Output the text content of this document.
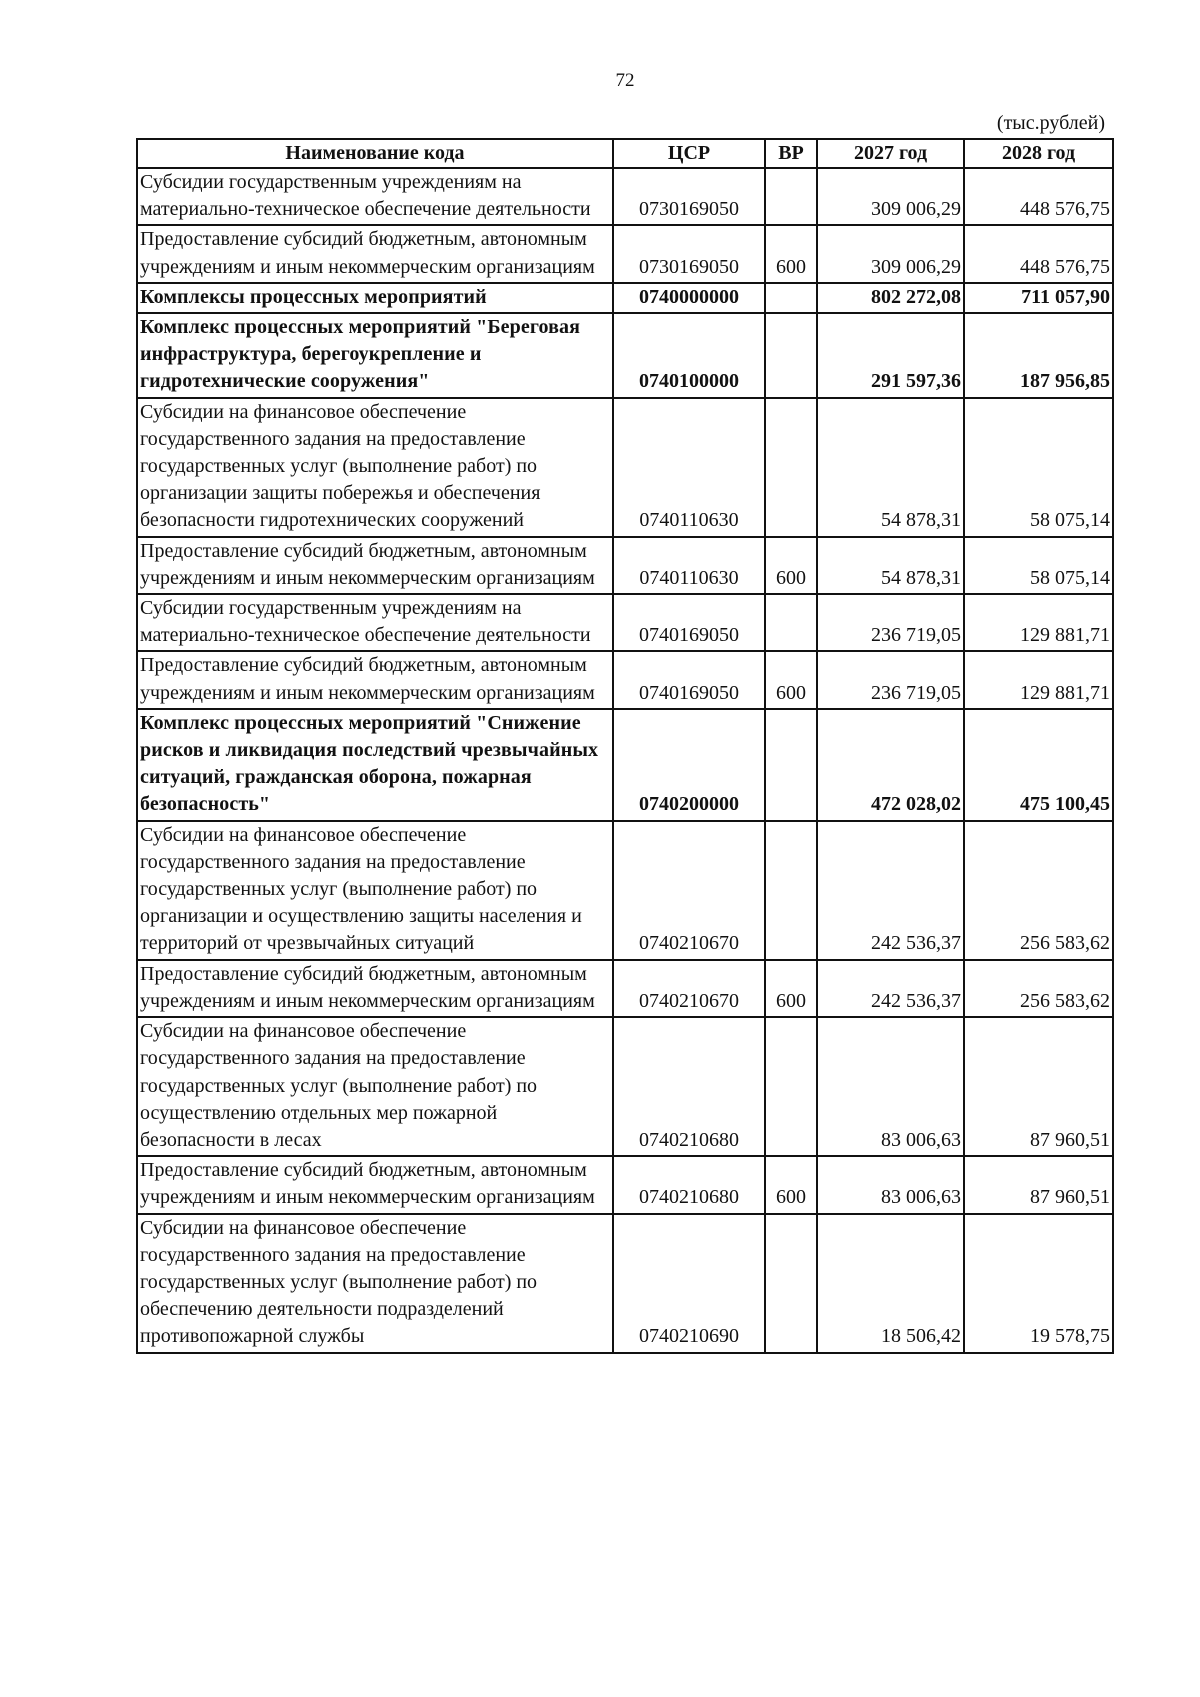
72
(тыс.рублей)
Наименование кода	ЦСР	ВР	2027 год	2028 год
Субсидии государственным учреждениям на материально-техническое обеспечение деятельности	0730169050		309 006,29	448 576,75
Предоставление субсидий бюджетным, автономным учреждениям и иным некоммерческим организациям	0730169050	600	309 006,29	448 576,75
Комплексы процессных мероприятий	0740000000		802 272,08	711 057,90
Комплекс процессных мероприятий "Береговая инфраструктура, берегоукрепление и гидротехнические сооружения"	0740100000		291 597,36	187 956,85
Субсидии на финансовое обеспечение государственного задания на предоставление государственных услуг (выполнение работ) по организации защиты побережья и обеспечения безопасности гидротехнических сооружений	0740110630		54 878,31	58 075,14
Предоставление субсидий бюджетным, автономным учреждениям и иным некоммерческим организациям	0740110630	600	54 878,31	58 075,14
Субсидии государственным учреждениям на материально-техническое обеспечение деятельности	0740169050		236 719,05	129 881,71
Предоставление субсидий бюджетным, автономным учреждениям и иным некоммерческим организациям	0740169050	600	236 719,05	129 881,71
Комплекс процессных мероприятий "Снижение рисков и ликвидация последствий чрезвычайных ситуаций, гражданская оборона, пожарная безопасность"	0740200000		472 028,02	475 100,45
Субсидии на финансовое обеспечение государственного задания на предоставление государственных услуг (выполнение работ) по организации и осуществлению защиты населения и территорий от чрезвычайных ситуаций	0740210670		242 536,37	256 583,62
Предоставление субсидий бюджетным, автономным учреждениям и иным некоммерческим организациям	0740210670	600	242 536,37	256 583,62
Субсидии на финансовое обеспечение государственного задания на предоставление государственных услуг (выполнение работ) по осуществлению отдельных мер пожарной безопасности в лесах	0740210680		83 006,63	87 960,51
Предоставление субсидий бюджетным, автономным учреждениям и иным некоммерческим организациям	0740210680	600	83 006,63	87 960,51
Субсидии на финансовое обеспечение государственного задания на предоставление государственных услуг (выполнение работ) по обеспечению деятельности подразделений противопожарной службы	0740210690		18 506,42	19 578,75
